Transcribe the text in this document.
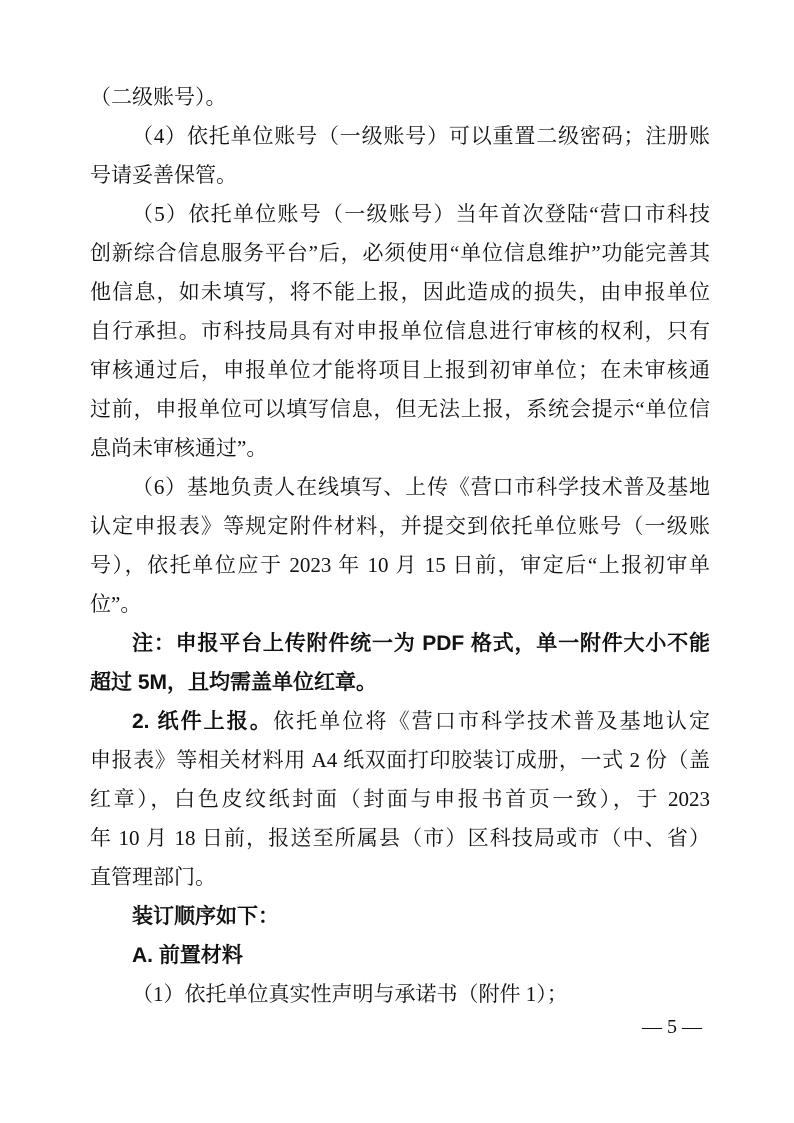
（二级账号）。
（4）依托单位账号（一级账号）可以重置二级密码；注册账
号请妥善保管。
（5）依托单位账号（一级账号）当年首次登陆“营口市科技
创新综合信息服务平台”后，必须使用“单位信息维护”功能完善其
他信息，如未填写，将不能上报，因此造成的损失，由申报单位
自行承担。市科技局具有对申报单位信息进行审核的权利，只有
审核通过后，申报单位才能将项目上报到初审单位；在未审核通
过前，申报单位可以填写信息，但无法上报，系统会提示“单位信
息尚未审核通过”。
（6）基地负责人在线填写、上传《营口市科学技术普及基地
认定申报表》等规定附件材料，并提交到依托单位账号（一级账
号），依托单位应于 2023 年 10 月 15 日前，审定后“上报初审单
位”。
注：申报平台上传附件统一为 PDF 格式，单一附件大小不能
超过 5M，且均需盖单位红章。
2. 纸件上报。依托单位将《营口市科学技术普及基地认定
申报表》等相关材料用 A4 纸双面打印胶装订成册，一式 2 份（盖
红章），白色皮纹纸封面（封面与申报书首页一致），于 2023
年 10 月 18 日前，报送至所属县（市）区科技局或市（中、省）
直管理部门。
装订顺序如下：
A. 前置材料
（1）依托单位真实性声明与承诺书（附件 1）；
— 5 —
